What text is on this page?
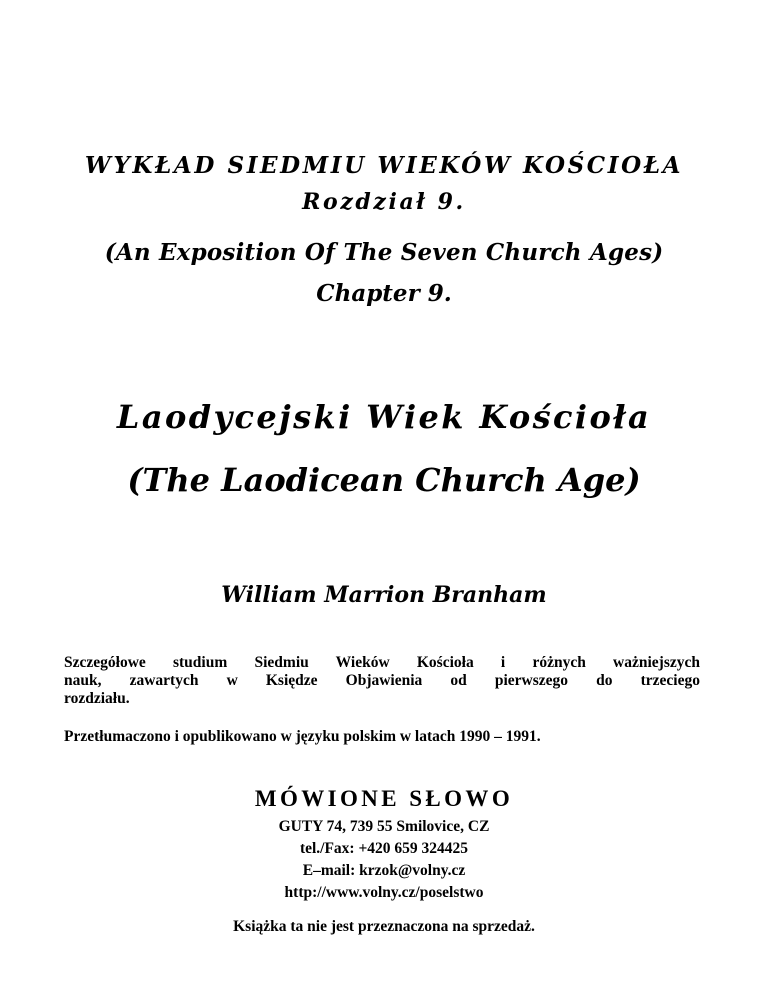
WYKŁAD SIEDMIU WIEKÓW KOŚCIOŁA
Rozdział 9.
(An Exposition Of The Seven Church Ages)
Chapter 9.
Laodycejski Wiek Kościoła
(The Laodicean Church Age)
William Marrion Branham
Szczegółowe studium Siedmiu Wieków Kościoła i różnych ważniejszych
nauk, zawartych w Księdze Objawienia od pierwszego do trzeciego
rozdziału.
Przetłumaczono i opublikowano w języku polskim w latach 1990 – 1991.
MÓWIONE SŁOWO
GUTY 74, 739 55 Smilovice, CZ
tel./Fax: +420 659 324425
E–mail: krzok@volny.cz
http://www.volny.cz/poselstwo
Książka ta nie jest przeznaczona na sprzedaż.
